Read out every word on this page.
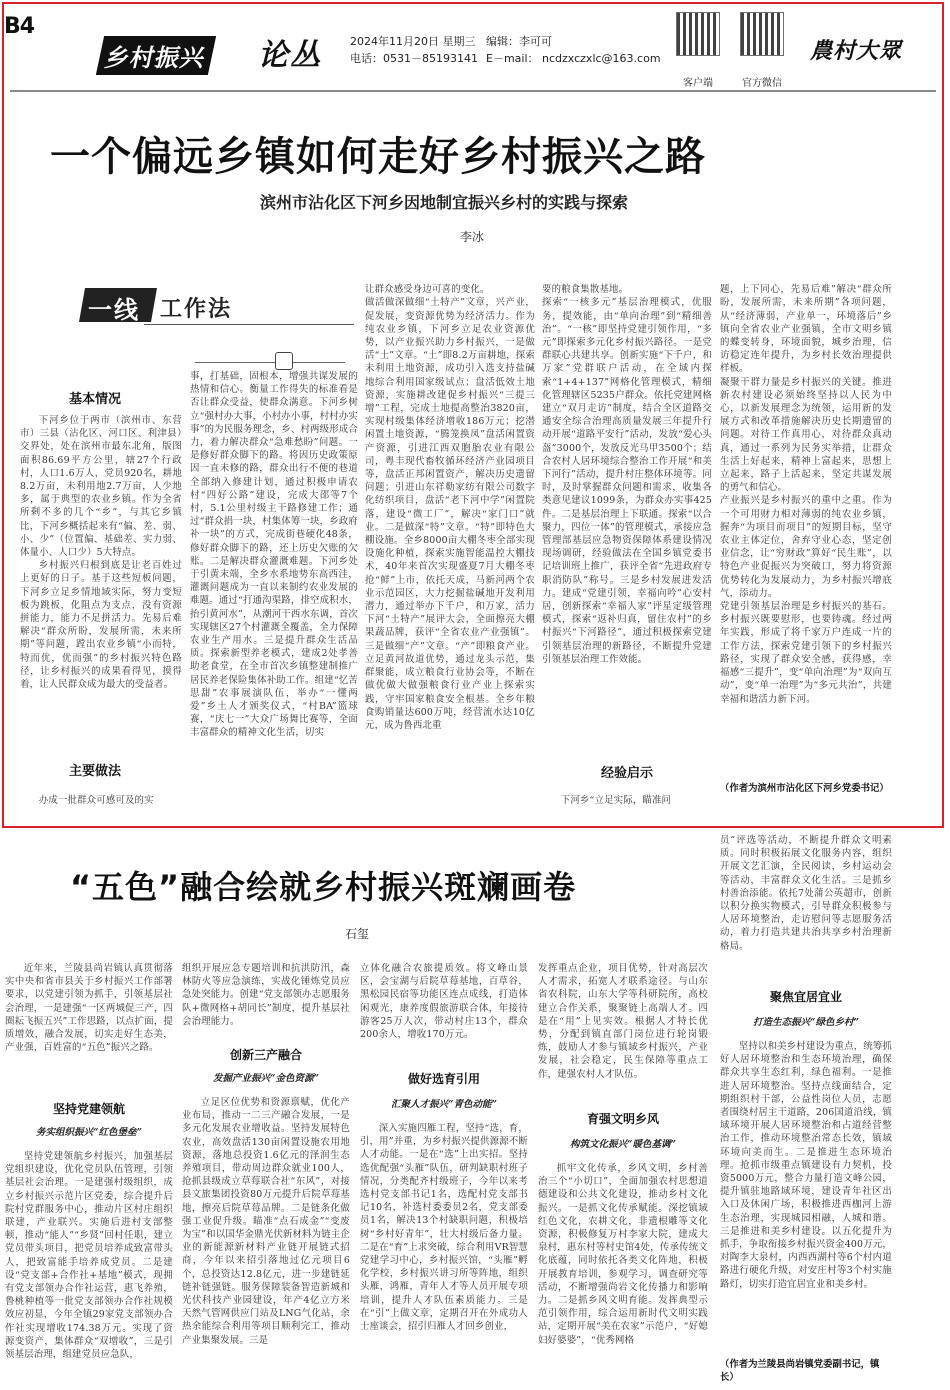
B4
乡村振兴 论丛	2024年11月20日 星期三 编辑：李可可
电话：0531－85193141 E－mail： ncdzxczxlc@163.com
客户端	官方微信
農村大眾
一个偏远乡镇如何走好乡村振兴之路
滨州市沾化区下河乡因地制宜振兴乡村的实践与探索
李冰
一线 工作法
基本情况

下河乡位于两市（滨州市、东营市）三县（沾化区、河口区、利津县）交界处，处在滨州市最东北角，版图面积86.69平方公里，辖27个行政村，人口1.6万人，党员920名，耕地8.2万亩，未利用地2.7万亩，人少地多，属于典型的农业乡镇。作为全省所剩不多的几个“乡”，与其它乡镇比，下河乡概括起来有“偏、差、弱、小、少”（位置偏、基础差、实力弱、体量小、人口少）5大特点。

乡村振兴归根到底是让老百姓过上更好的日子。基于这些短板问题，下河乡立足乡情地域实际，努力变短板为跳板，化阻点为支点，没有资源拼能力，能力不足拼活力。先易后难解决“群众所盼，发展所需，未来所期”等问题，蹚出农业乡镇“小而特，特而优，优而强”的乡村振兴特色路径，让乡村振兴的成果看得见，摸得着，让人民群众成为最大的受益者。

主要做法

办成一批群众可感可及的实

事，打基础，固根本，增强共谋发展的热情和信心。衡量工作得失的标准看是否让群众受益，使群众满意。下河乡树立“强村办大事，小村办小事，村村办实事”的为民服务理念，乡、村两级形成合力，着力解决群众“急难愁盼”问题。一是修好群众脚下的路。将因历史政策原因一直未修的路，群众出行不便的巷道全部纳入修建计划，通过积极申请农村“四好公路”建设，完成大邵等7个村，5.1公里村级主干路修建工作；通过“群众捐一块，村集体筹一块，乡政府补一块”的方式，完成街巷硬化48条，修好群众脚下的路，还上历史欠账的欠账。二是解决群众灌溉难题。下河乡处于引黄末端，全乡水系地势东高西洼，灌溉问题成为一直以来制约农业发展的难题。通过“打通沟渠路，排空成积水，抬引黄河水”，从潮河干西水东调，首次实现辖区27个村灌溉全覆盖，全力保障农业生产用水。三是提升群众生活品质。探索新型养老模式，建成2处孝善助老食堂，在全市首次乡镇整建制推广居民养老保险集体补助工作。组建“忆苦思甜”农事展演队伍，举办“一懂两爱”乡土人才颁奖仪式，“村BA”篮球赛，“庆七一”大众广场舞比赛等，全面丰富群众的精神文化生活，切实

让群众感受身边可喜的变化。
做活做深做细“土特产”文章，兴产业，促发展，变资源优势为经济活力。作为纯农业乡镇，下河乡立足农业资源优势，以产业振兴助力乡村振兴，一是做活“土”文章。“土”即8.2万亩耕地，探索未利用土地资源，成功引入选支持盐碱地综合利用国家级试点；盘活低效土地资源，实施耕改建促乡村振兴“三提三增”工程，完成土地提高整治3820亩，实现村级集体经济增收186万元；挖潜闲置土地资源，“腾笼换凤”盘活闲置资产资源，引进江西双胞胎农业有限公司，粤丰现代畜牧循环经济产业园项目等，盘活正邦闲置资产，解决历史遗留问题；引进山东祥勒家纺有限公司数字化纺织项目，盘活“老下河中学”闲置院落，建设“微工厂”，解决“家门口”就业。二是做深“特”文章。“特”即特色大棚设施。全乡8000亩大棚冬枣全部实现设施化种植，探索实施智能温控大棚技术，40年来首次实现盛夏7月大棚冬枣抢“鲜”上市，依托天成，马新河两个农业示范园区，大力挖掘盐碱地开发利用潜力，通过举办下千户，和万家，活力下河“土特产”展评大会，全面擦亮大棚果蔬品牌，获评“全省农业产业强镇”。三是做细“产”文章。“产”即粮食产业。立足黄河故道优势，通过龙头示范，集群聚能，成立粮食行业协会等，不断在做优做大做强粮食行业产业上探索实践，守牢国家粮食安全根基。全乡年粮食购销量达600万吨，经营流水达10亿元，成为鲁西北重

要的粮食集散基地。
探索“一核多元”基层治理模式，优服务，提效能，由“单向治理”到“精细善治”。“一核”即坚持党建引领作用，“多元”即探索多元化乡村振兴路径。一是党群联心共建共享。创新实施“下千户，和万家”党群联户活动，在全域内探索“1+4+137”网格化管理模式，精细化管理辖区5235户群众。依托党建网格建立“双月走访”制度，结合全区道路交通安全综合治理高质量发展三年提升行动开展“道路平安行”活动，发放“爱心头盔”3000个，发放反光马甲3500个；结合农村人居环境综合整治工作开展“和美下河行”活动，提升村庄整体环境等。同时，及时掌握群众问题和需求，收集各类意见建议1099条，为群众办实事425件。二是基层治理上下联通。探索“以合聚力，四位一体”的管理模式，承接应急管理部基层应急物资保障体系建设情况现场调研，经验做法在全国乡镇党委书记培训班上推广，获评全省“先进政府专职消防队”称号。三是乡村发展进发活力。建成“党建引领，幸福向吟”心安村居，创新探索“幸福人家”评星定级管理模式，探索“返补归真，留住农村”的乡村振兴“下河路径”，通过积极探索党建引领基层治理的新路径，不断提升党建引领基层治理工作效能。

经验启示

下河乡“立足实际，瞄准问

题，上下同心，先易后难”解决“群众所盼，发展所需，未来所期”各项问题，从“经济薄弱，产业单一，环境落后”乡镇向全省农业产业强镇，全市文明乡镇的蝶变转身，环境面貌，城乡治理，信访稳定连年提升，为乡村长效治理提供样板。
凝聚干群力量是乡村振兴的关键。推进新农村建设必须始终坚持以人民为中心，以新发展理念为统领，运用新的发展方式和改革措施解决历史长期遗留的问题。对待工作真用心，对待群众真动真，通过一系列为民务实举措，让群众生活上好起来，精神上富起来，思想上立起来，路子上活起来，坚定共谋发展的勇气和信心。
产业振兴是乡村振兴的重中之重。作为一个可用财力相对薄弱的纯农业乡镇，握奔“为项目而项目”的短期目标，坚守农业主体定位，舍弃守业心态，坚定创业信念，让“穷财政”算好“民生账”，以特色产业促振兴为突破口，努力将资源优势转化为发展动力，为乡村振兴增底气，添动力。
党建引领基层治理是乡村振兴的基石。乡村振兴既要慰形，也要铸魂。经过两年实践，形成了将千家万户连成一片的工作方法，探索党建引领下的乡村振兴路径，实现了群众安全感，获得感，幸福感“三提升”，变“单向治理”为“双向互动”，变“单一治理”为“多元共治”，共建幸福和谐活力新下河。

（作者为滨州市沾化区下河乡党委书记）
“五色”融合绘就乡村振兴斑斓画卷
石玺

近年来，兰陵县尚岩镇认真贯彻落实中央和省市县关于乡村振兴工作部署要求，以党建引领为抓手，引领基层社会治理，一是建强“一区两城促三产，四圈耘飞振五兴”工作思路，以点扩面，提质增效，融合发展，切实走好生态美，产业强，百姓富的“五色”振兴之路。

坚持党建领航
务实组织振兴“红色堡垒”

坚持党建领航乡村振兴，加强基层党组织建设，优化党员队伍管理，引领基层社会治理。一是建强村级组织，成立乡村振兴示范片区党委，综合提升后院村党群服务中心，推动片区村庄组织联建，产业联兴。实施后进村支部整顿，推动“能人”“乡贤”回村任职，建立党员带头项目，把党员培养成致富带头人，把致富能手培养成党员。二是建设“党支部+合作社+基地”模式，现拥有党支部领办合作社运营，惠飞养殖，鲁桃种植等一批党支部领办合作社规模效应初显，今年全镇29家党支部领办合作社实现增收174.38万元。实现了资源变资产，集体群众“双增收”，三是引领基层治理，组建党员应急队，

组织开展应急专题培训和抗洪防汛，森林防火等应急演练，实战化锤炼党员应急处突能力。创建“党支部领办志愿服务队+微网格+胡同长”制度，提升基层社会治理能力。

创新三产融合
发掘产业振兴“金色资源”

立足区位优势和资源禀赋，优化产业布局，推动一二三产融合发展，一是多元化发展农业增收益。坚持发展特色农业，高效盘活130亩闲置设施农用地资源，落地总投资1.6亿元的泽润生态养殖项目，带动周边群众就业100人，抢抓县级成立草莓联合社“东风”，对接县文旅集团投资80万元提升后院草莓基地，擦亮后院草莓品牌。二是链条化做强工业促升级。瞄准“点石成金”“变废为宝”和以国华金鼎光伏新材料为链主企业的新能源新材料产业链开展链式招商，今年以来招引落地过亿元项目6个，总投资达12.8亿元，进一步建链延链补链强链。服务保障装备智造新城和光伏科技产业园建设，年产4亿立方米天然气管网供应门站及LNG气化站，余热余能综合利用等项目顺利完工，推动产业集聚发展。三是

立体化融合农旅提质效。将文峰山景区，会宝湖与后院草莓基地，百草谷，黑松园民宿等功能区连点成线，打造体闲观光，康养度假旅游联合体，年接待游客25万人次，带动村庄13个，群众200余人，增收170万元。

做好选育引用
汇聚人才振兴“青色动能”

深入实施四雁工程，坚持“选，育，引，用”并重，为乡村振兴提供源源不断人才动能。一是在“选”上出实招。坚持选优配强“头雁”队伍，研判缺职村班子情况，分类配齐村级班子，今年以来考选村党支部书记1名，选配村党支部书记10名，补选村委委员2名，党支部委员1名，解决13个村缺职问题，积极培树“乡村好青年”，壮大村级后备力量。二是在“育”上求突破，综合利用VR智慧党建学习中心，乡村振兴馆，“头雁”孵化学校，乡村振兴讲习所等阵地，组织头雁，鸿雁，青年人才等人员开展专项培训，提升人才队伍素质能力。三是在“引”上做文章，定期召开在外成功人士座谈会，招引归雁人才回乡创业，

发挥重点企业，项目优势，针对高层次人才需求，拓宽人才联系途径。与山东省农科院，山东大学等科研院所，高校建立合作关系，聚聚链上高端人才。四是在“用”上见实效。根据人才特长优势，分配到镇直部门岗位进行轮岗锻炼，鼓励人才参与镇域乡村振兴，产业发展，社会稳定，民生保障等重点工作，建强农村人才队伍。

育强文明乡风
构筑文化振兴“暖色基调”

抓牢文化传承，乡风文明，乡村善治三个“小切口”，全面加强农村思想道德建设和公共文化建设，推动乡村文化振兴。一是抓文化传承赋能。深挖镇域红色文化，农耕文化，非遗根雕等文化资源，积极修复万村李家大院，建成大泉村，惠东村等村史馆4处，传承传统文化底蕴，同时依托各类文化阵地，积极开展教育培训，参观学习，调查研究等活动，不断增强尚岩文化传播力和影响力。二是抓乡风文明育能。发挥典型示范引领作用，综合运用新时代文明实践站，定期开展“美在农家”示范户，“好媳妇好婆婆”，“优秀网格

员”评选等活动，不断提升群众文明素质。同时积极拓展文化服务内容，组织开展文艺汇演，全民阅读，乡村运动会等活动，丰富群众文化生活。三是抓乡村善治添能。依托7处蒲公英超市，创新以积分换实物模式，引导群众积极参与人居环境整治，走访慰问等志愿服务活动，着力打造共建共治共享乡村治理新格局。

聚焦宜居宜业
打造生态振兴“绿色乡村”

坚持以和美乡村建设为重点，统筹抓好人居环境整治和生态环境治理，确保群众共享生态红利，绿色福利。一是推进人居环境整治。坚持点线面结合，定期组织村干部，公益性岗位人员，志愿者围绕村居主干道路，206国道沿线，镇域环境开展人居环境整治和占道经营整治工作，推动环境整治常态长效，镇域环境向美而生。二是推进生态环境治理。抢抓市级重点镇建设有力契机，投资5000万元，整合力量打造文峰公园，提升镇驻地路域环境，建设青年社区出入口及休闲广场，积极推进西枷河上游生态治理，实现城园相融，人城和谐。三是推进和美乡村建设。以五化提升为抓手，争取衔接乡村振兴资金400万元，对陶李大泉村，内西西湖村等6个村内道路进行硬化升级，对安庄村等3个村实施路灯，切实打造宜居宜业和美乡村。

（作者为兰陵县尚岩镇党委副书记，镇长）
